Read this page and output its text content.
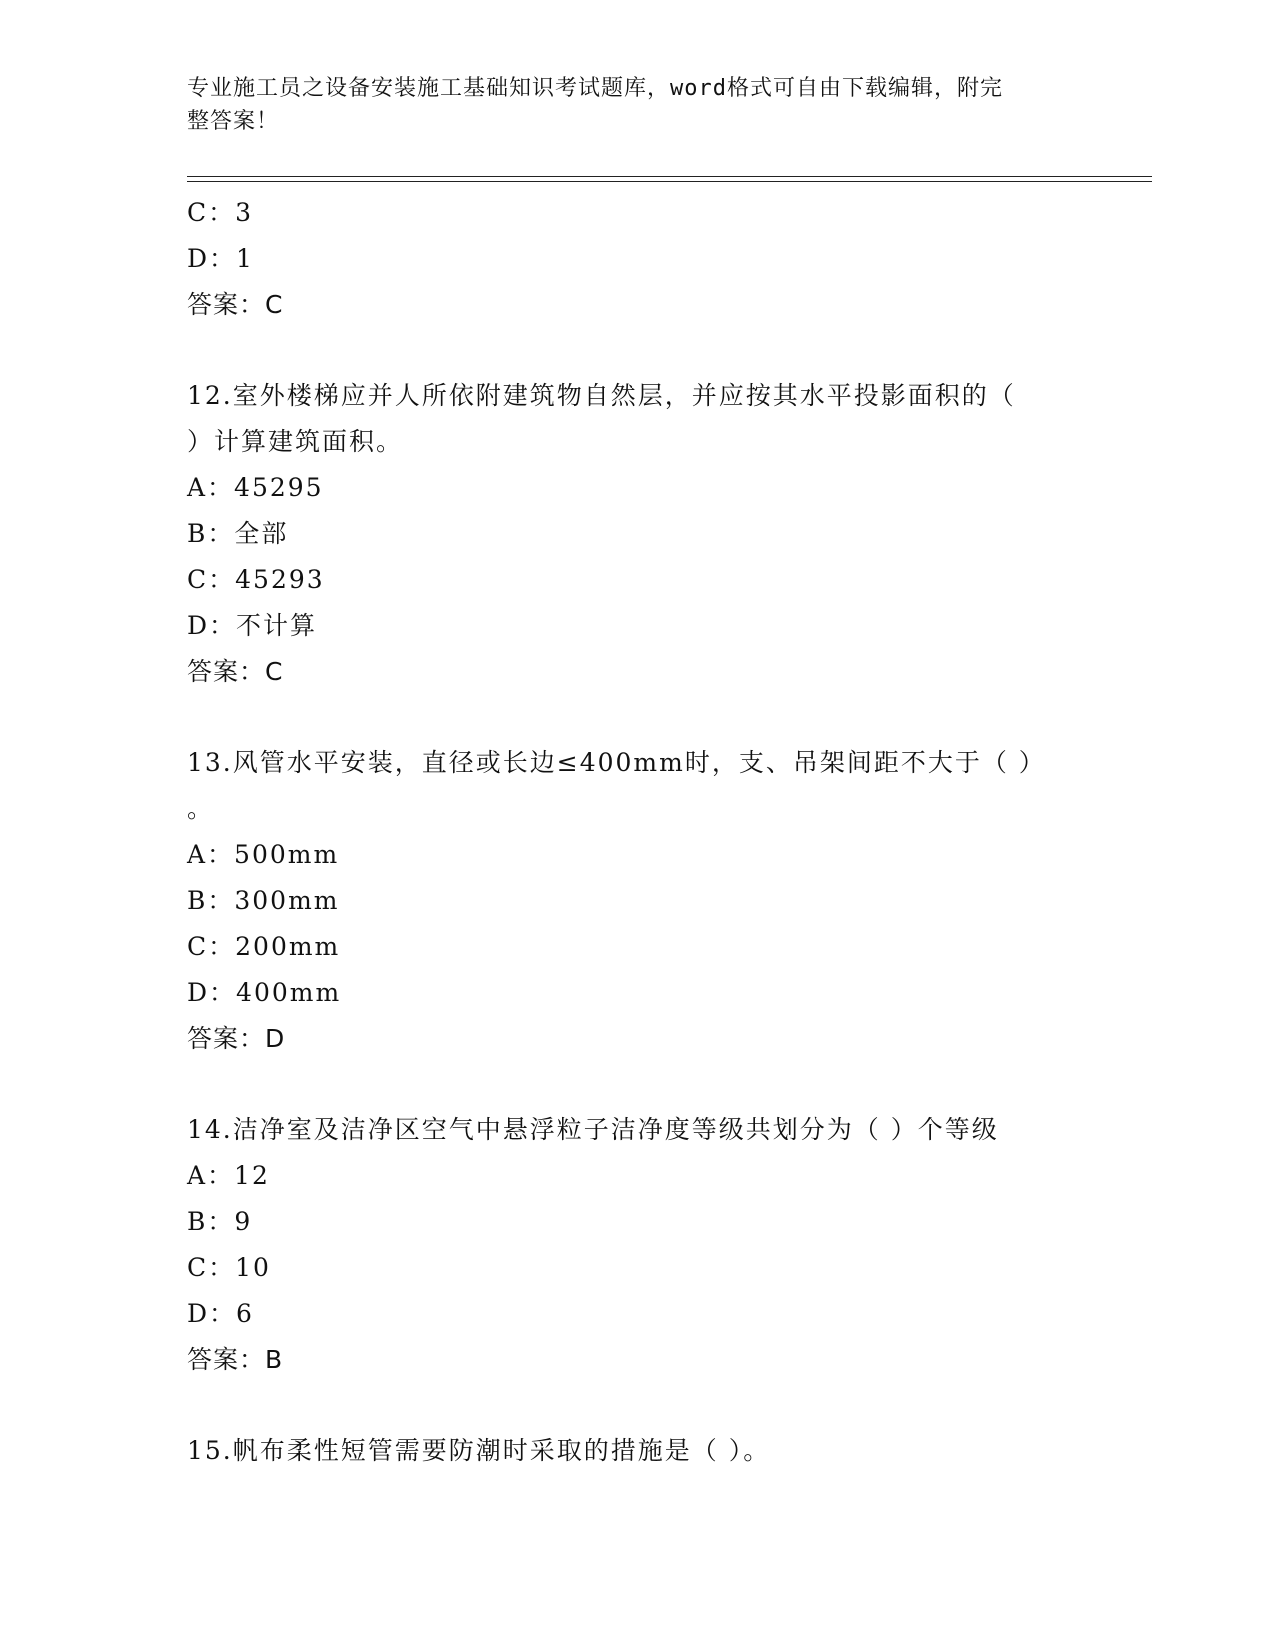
专业施工员之设备安装施工基础知识考试题库，word格式可自由下载编辑，附完
整答案！
C：3
D：1
答案：C
12.室外楼梯应并人所依附建筑物自然层，并应按其水平投影面积的（
）计算建筑面积。
A：45295
B：全部
C：45293
D：不计算
答案：C
13.风管水平安装，直径或长边≤400mm时，支、吊架间距不大于（ ）
。
A：500mm
B：300mm
C：200mm
D：400mm
答案：D
14.洁净室及洁净区空气中悬浮粒子洁净度等级共划分为（ ）个等级
A：12
B：9
C：10
D：6
答案：B
15.帆布柔性短管需要防潮时采取的措施是（ ）。
